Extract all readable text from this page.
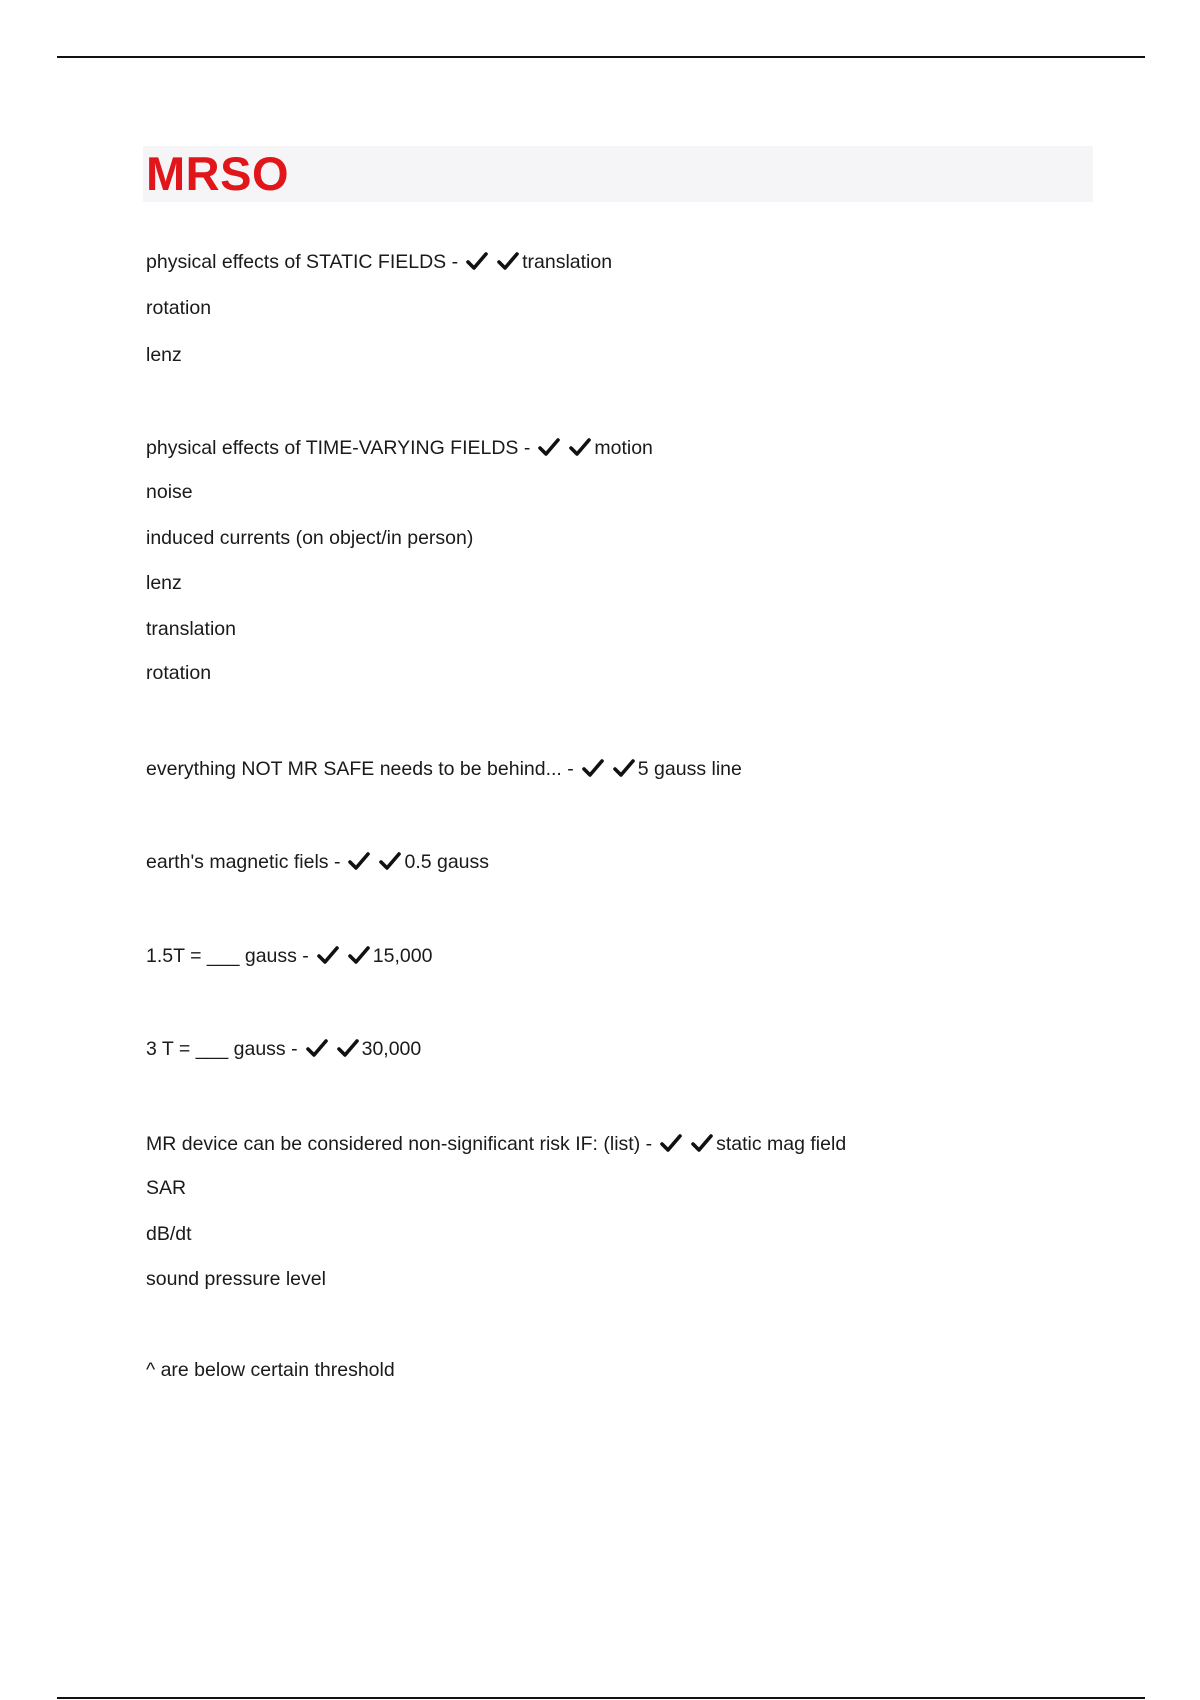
MRSO
physical effects of STATIC FIELDS -	translation
rotation
lenz
physical effects of TIME-VARYING FIELDS -	motion
noise
induced currents (on object/in person)
lenz
translation
rotation
everything NOT MR SAFE needs to be behind... -	5 gauss line
earth's magnetic fiels -	0.5 gauss
1.5T = ___ gauss -	15,000
3 T = ___ gauss -	30,000
MR device can be considered non-significant risk IF: (list) -	static mag field
SAR
dB/dt
sound pressure level
^ are below certain threshold
